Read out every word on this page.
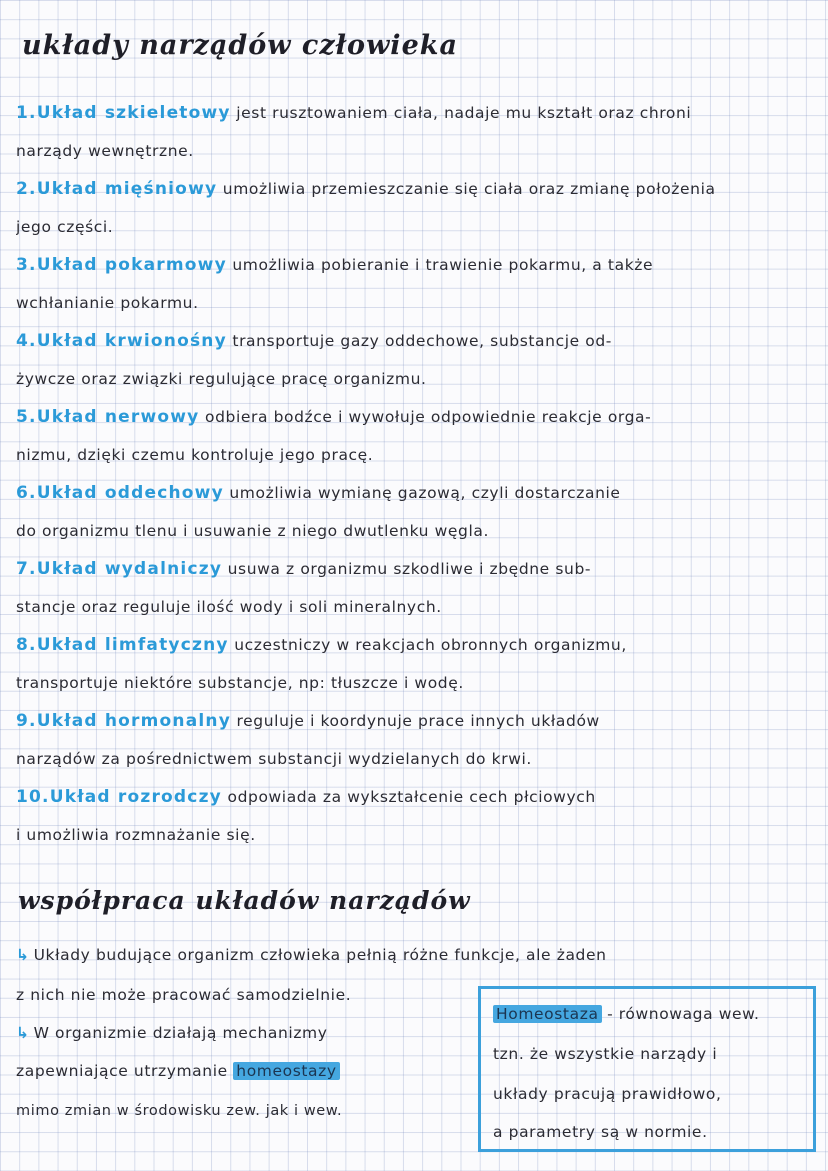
układy narządów człowieka
1.Układ szkieletowy jest rusztowaniem ciała, nadaje mu kształt oraz chroni
narządy wewnętrzne.
2.Układ mięśniowy umożliwia przemieszczanie się ciała oraz zmianę położenia
jego części.
3.Układ pokarmowy umożliwia pobieranie i trawienie pokarmu, a także
wchłanianie pokarmu.
4.Układ krwionośny transportuje gazy oddechowe, substancje od-
żywcze oraz związki regulujące pracę organizmu.
5.Układ nerwowy odbiera bodźce i wywołuje odpowiednie reakcje orga-
nizmu, dzięki czemu kontroluje jego pracę.
6.Układ oddechowy umożliwia wymianę gazową, czyli dostarczanie
do organizmu tlenu i usuwanie z niego dwutlenku węgla.
7.Układ wydalniczy usuwa z organizmu szkodliwe i zbędne sub-
stancje oraz reguluje ilość wody i soli mineralnych.
8.Układ limfatyczny uczestniczy w reakcjach obronnych organizmu,
transportuje niektóre substancje, np: tłuszcze i wodę.
9.Układ hormonalny reguluje i koordynuje prace innych układów
narządów za pośrednictwem substancji wydzielanych do krwi.
10.Układ rozrodczy odpowiada za wykształcenie cech płciowych
i umożliwia rozmnażanie się.
współpraca układów narządów
↳ Układy budujące organizm człowieka pełnią różne funkcje, ale żaden
z nich nie może pracować samodzielnie.
↳ W organizmie działają mechanizmy
zapewniające utrzymanie homeostazy
mimo zmian w środowisku zew. jak i wew.
Homeostaza - równowaga wew.
tzn. że wszystkie narządy i
układy pracują prawidłowo,
a parametry są w normie.
